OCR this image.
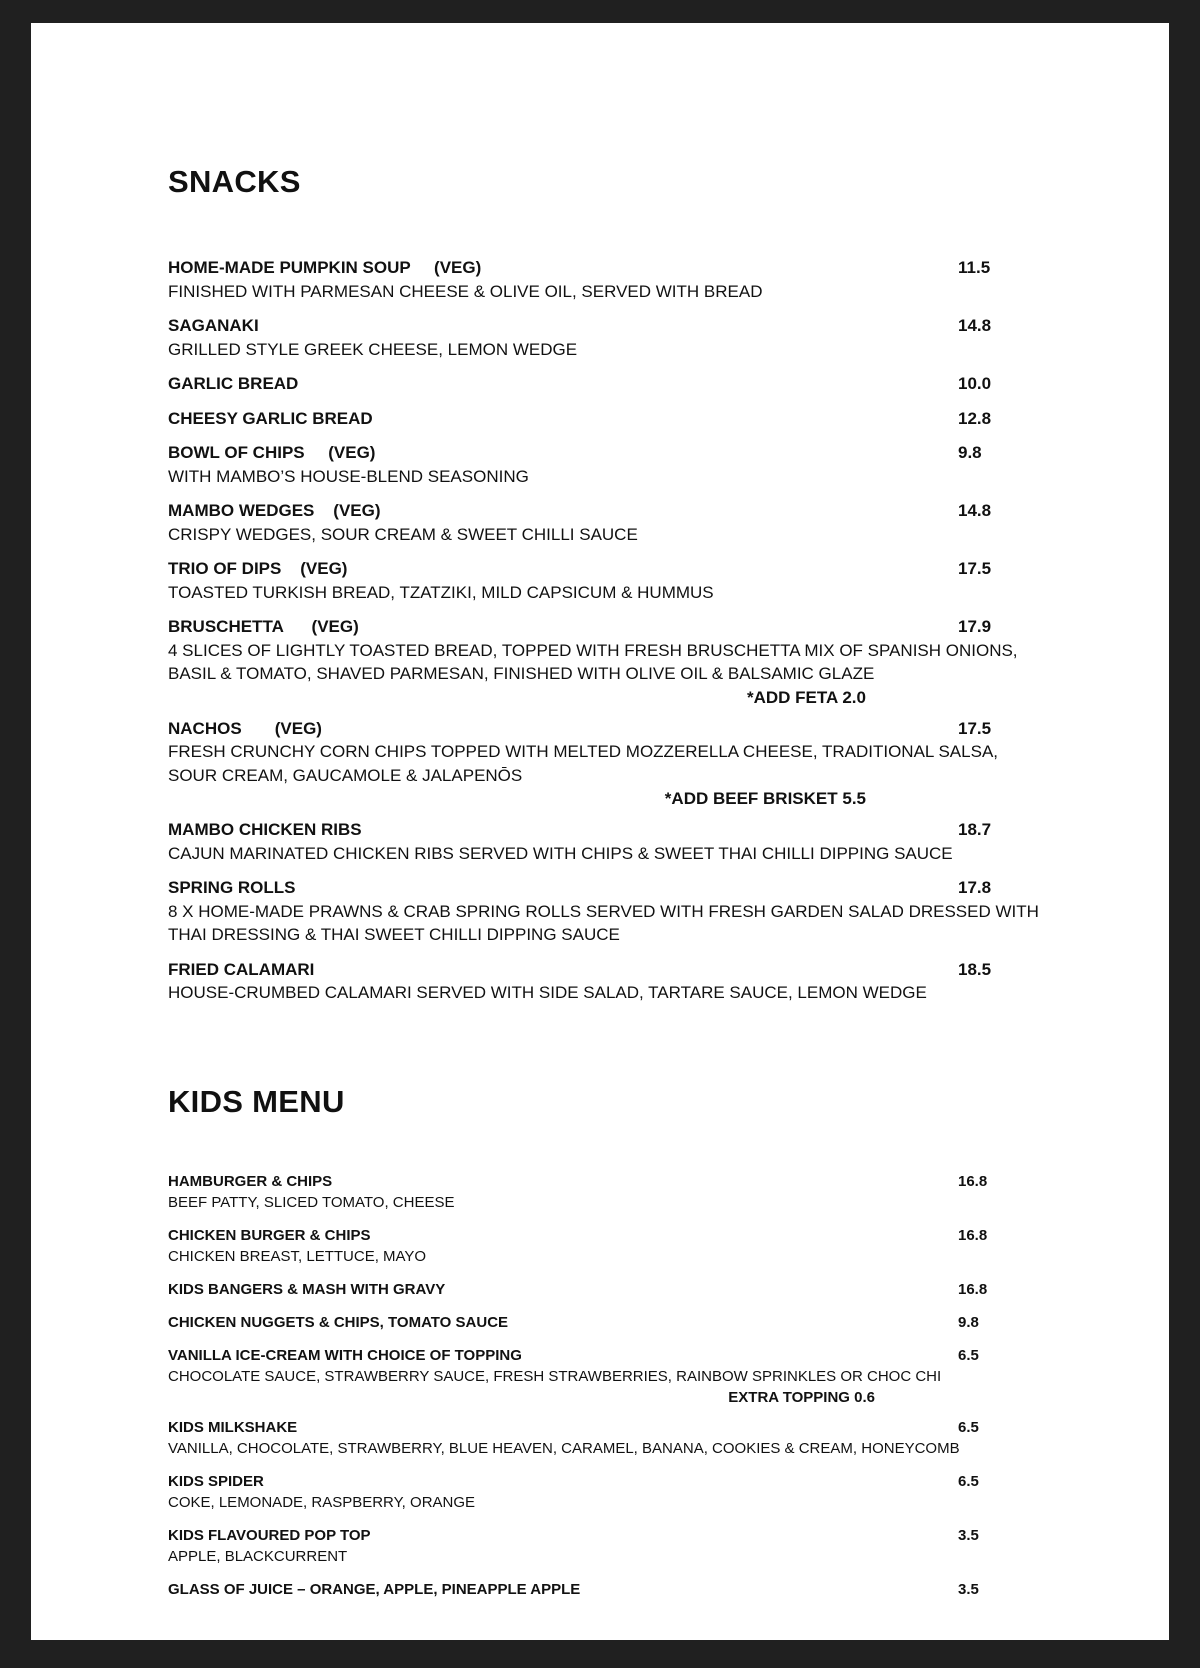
SNACKS
HOME-MADE PUMPKIN SOUP     (VEG)	11.5
FINISHED WITH PARMESAN CHEESE & OLIVE OIL, SERVED WITH BREAD
SAGANAKI	14.8
GRILLED STYLE GREEK CHEESE, LEMON WEDGE
GARLIC BREAD	10.0
CHEESY GARLIC BREAD	12.8
BOWL OF CHIPS     (VEG)	9.8
WITH MAMBO’S HOUSE-BLEND SEASONING
MAMBO WEDGES    (VEG)	14.8
CRISPY WEDGES, SOUR CREAM & SWEET CHILLI SAUCE
TRIO OF DIPS    (VEG)	17.5
TOASTED TURKISH BREAD, TZATZIKI, MILD CAPSICUM & HUMMUS
BRUSCHETTA      (VEG)	17.9
4 SLICES OF LIGHTLY TOASTED BREAD, TOPPED WITH FRESH BRUSCHETTA MIX OF SPANISH ONIONS, BASIL & TOMATO, SHAVED PARMESAN, FINISHED WITH OLIVE OIL & BALSAMIC GLAZE
*ADD FETA 2.0
NACHOS       (VEG)	17.5
FRESH CRUNCHY CORN CHIPS TOPPED WITH MELTED MOZZERELLA CHEESE, TRADITIONAL SALSA, SOUR CREAM, GAUCAMOLE & JALAPENŌS
*ADD BEEF BRISKET 5.5
MAMBO CHICKEN RIBS	18.7
CAJUN MARINATED CHICKEN RIBS SERVED WITH CHIPS & SWEET THAI CHILLI DIPPING SAUCE
SPRING ROLLS	17.8
8 X HOME-MADE PRAWNS & CRAB SPRING ROLLS SERVED WITH FRESH GARDEN SALAD DRESSED WITH THAI DRESSING & THAI SWEET CHILLI DIPPING SAUCE
FRIED CALAMARI	18.5
HOUSE-CRUMBED CALAMARI SERVED WITH SIDE SALAD, TARTARE SAUCE, LEMON WEDGE
KIDS MENU
HAMBURGER & CHIPS	16.8
BEEF PATTY, SLICED TOMATO, CHEESE
CHICKEN BURGER & CHIPS	16.8
CHICKEN BREAST, LETTUCE, MAYO
KIDS BANGERS & MASH WITH GRAVY	16.8
CHICKEN NUGGETS & CHIPS, TOMATO SAUCE	9.8
VANILLA ICE-CREAM WITH CHOICE OF TOPPING	6.5
CHOCOLATE SAUCE, STRAWBERRY SAUCE, FRESH STRAWBERRIES, RAINBOW SPRINKLES OR CHOC CHI
EXTRA TOPPING 0.6
KIDS MILKSHAKE	6.5
VANILLA, CHOCOLATE, STRAWBERRY, BLUE HEAVEN, CARAMEL, BANANA, COOKIES & CREAM, HONEYCOMB
KIDS SPIDER	6.5
COKE, LEMONADE, RASPBERRY, ORANGE
KIDS FLAVOURED POP TOP	3.5
APPLE, BLACKCURRENT
GLASS OF JUICE – ORANGE, APPLE, PINEAPPLE APPLE	3.5
